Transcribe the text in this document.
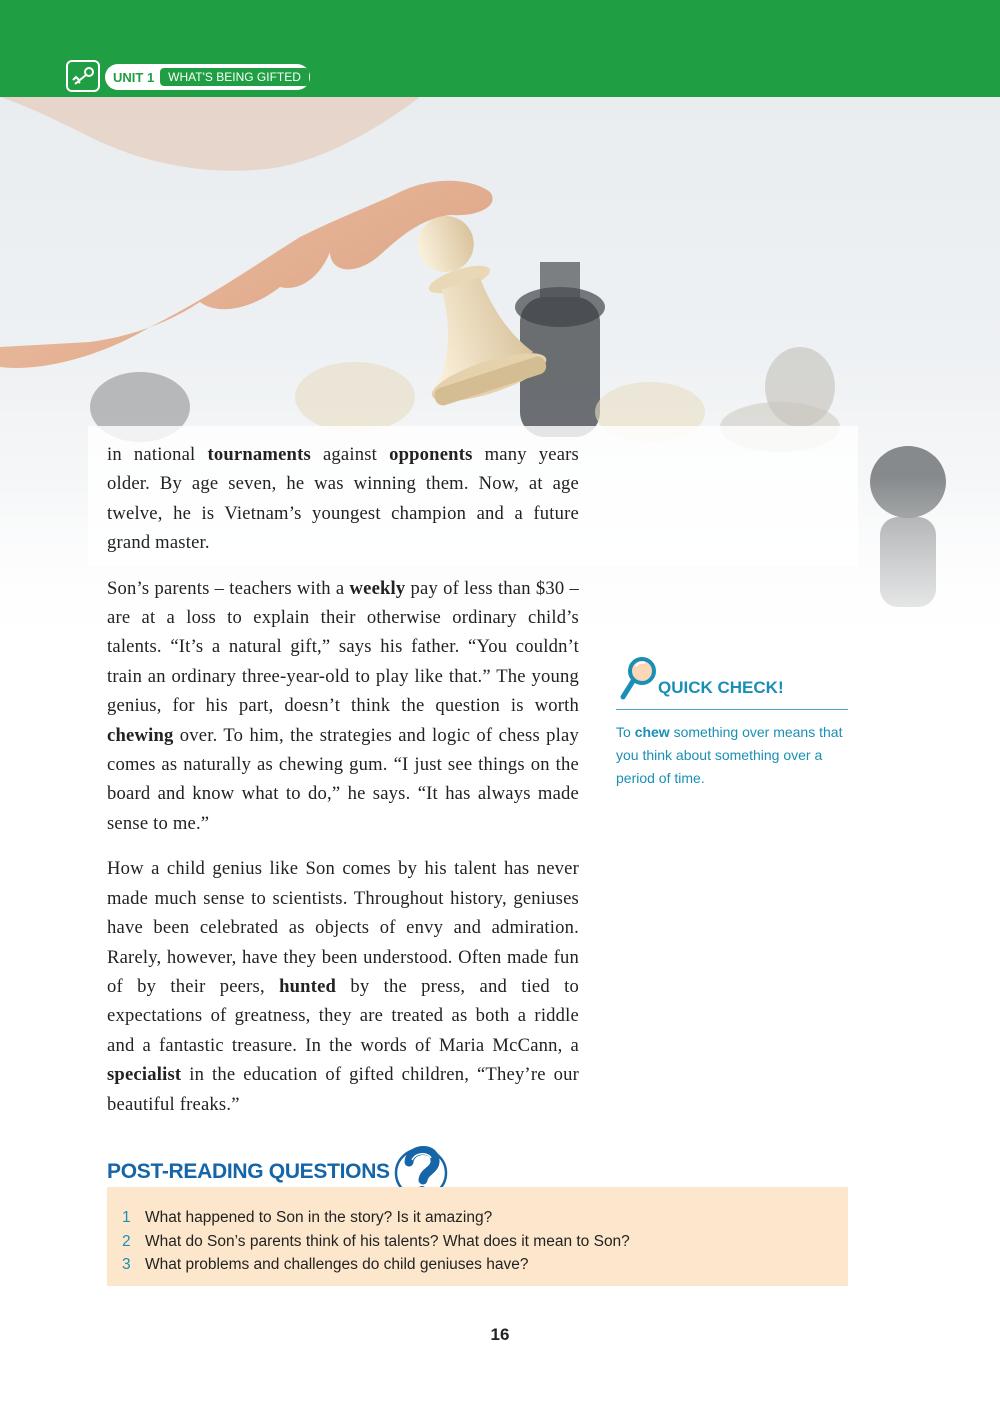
UNIT 1	WHAT'S BEING GIFTED

in national tournaments against opponents many years older. By age seven, he was winning them. Now, at age twelve, he is Vietnam’s youngest champion and a future grand master.

Son’s parents – teachers with a weekly pay of less than $30 – are at a loss to explain their otherwise ordinary child’s talents. “It’s a natural gift,” says his father. “You couldn’t train an ordinary three-year-old to play like that.” The young genius, for his part, doesn’t think the question is worth chewing over. To him, the strategies and logic of chess play comes as naturally as chewing gum. “I just see things on the board and know what to do,” he says. “It has always made sense to me.”

How a child genius like Son comes by his talent has never made much sense to scientists. Throughout history, geniuses have been celebrated as objects of envy and admiration. Rarely, however, have they been understood. Often made fun of by their peers, hunted by the press, and tied to expectations of greatness, they are treated as both a riddle and a fantastic treasure. In the words of Maria McCann, a specialist in the education of gifted children, “They’re our beautiful freaks.”

QUICK CHECK!
To chew something over means that you think about something over a period of time.
POST-READING QUESTIONS
1 What happened to Son in the story? Is it amazing?
2 What do Son’s parents think of his talents? What does it mean to Son?
3 What problems and challenges do child geniuses have?
16
